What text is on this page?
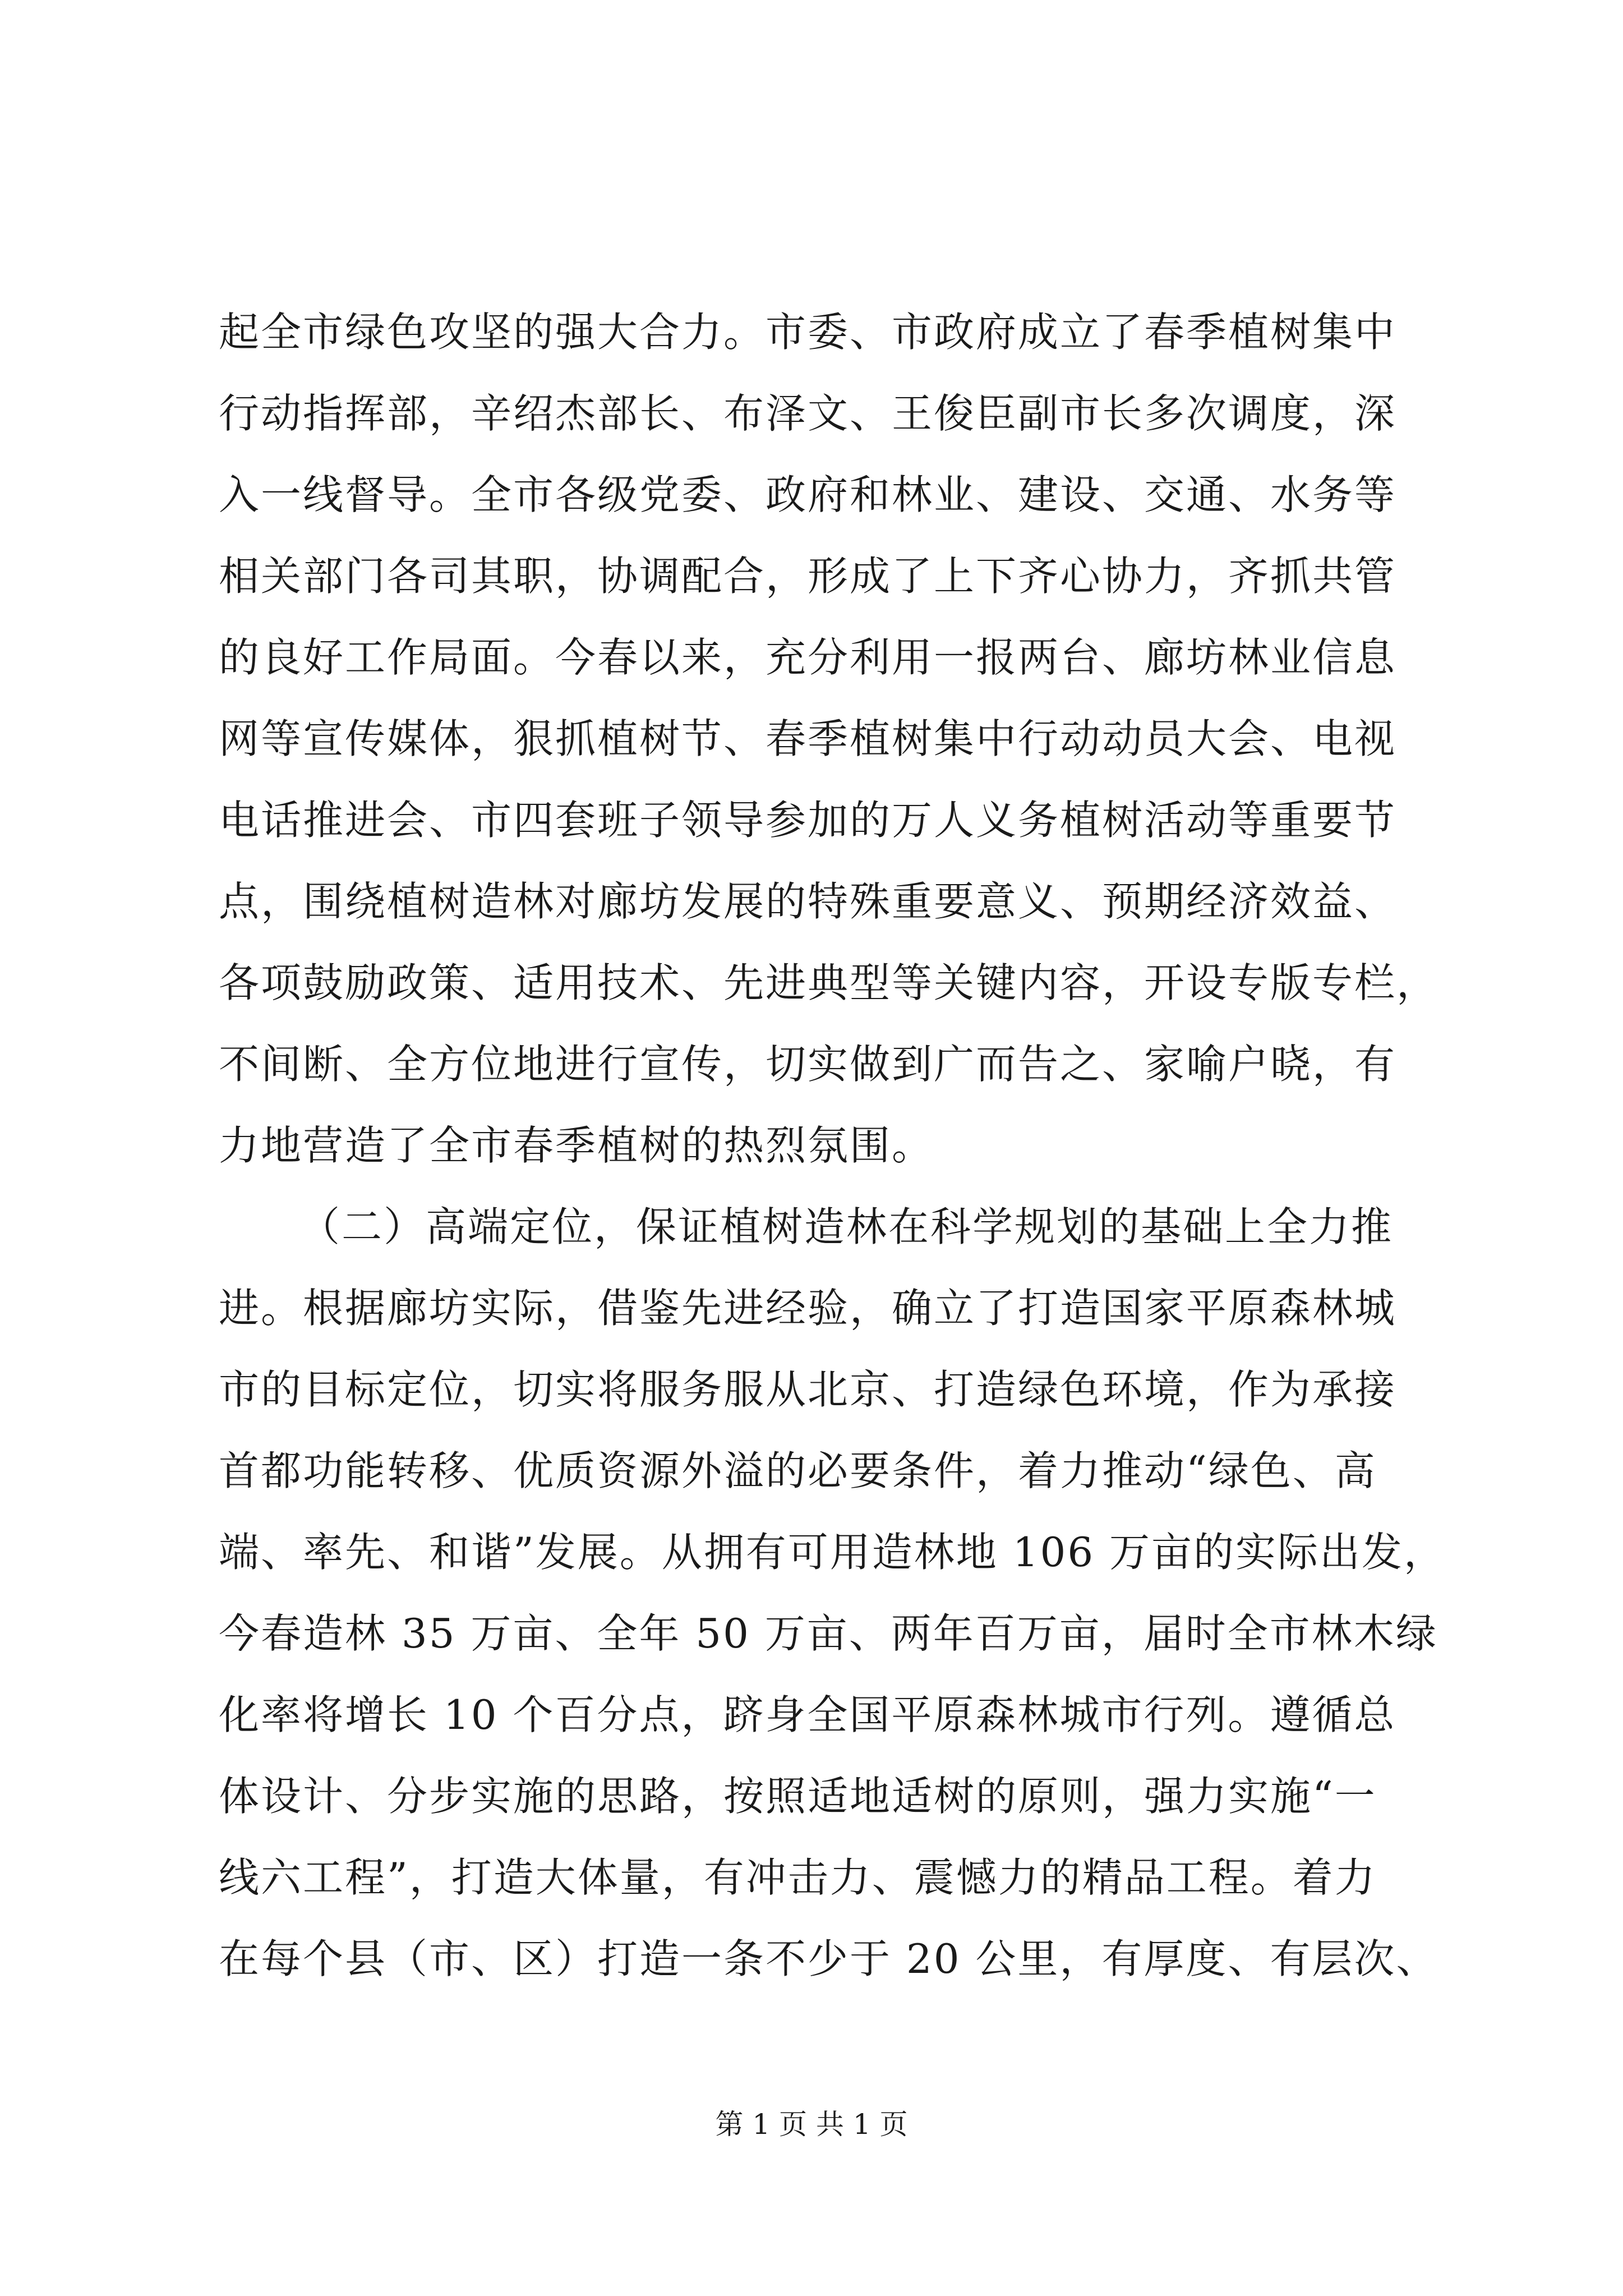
起全市绿色攻坚的强大合力。市委、市政府成立了春季植树集中
行动指挥部，辛绍杰部长、布泽文、王俊臣副市长多次调度，深
入一线督导。全市各级党委、政府和林业、建设、交通、水务等
相关部门各司其职，协调配合，形成了上下齐心协力，齐抓共管
的良好工作局面。今春以来，充分利用一报两台、廊坊林业信息
网等宣传媒体，狠抓植树节、春季植树集中行动动员大会、电视
电话推进会、市四套班子领导参加的万人义务植树活动等重要节
点，围绕植树造林对廊坊发展的特殊重要意义、预期经济效益、
各项鼓励政策、适用技术、先进典型等关键内容，开设专版专栏，
不间断、全方位地进行宣传，切实做到广而告之、家喻户晓，有
力地营造了全市春季植树的热烈氛围。
（二）高端定位，保证植树造林在科学规划的基础上全力推
进。根据廊坊实际，借鉴先进经验，确立了打造国家平原森林城
市的目标定位，切实将服务服从北京、打造绿色环境，作为承接
首都功能转移、优质资源外溢的必要条件，着力推动“绿色、高
端、率先、和谐”发展。从拥有可用造林地 106 万亩的实际出发，
今春造林 35 万亩、全年 50 万亩、两年百万亩，届时全市林木绿
化率将增长 10 个百分点，跻身全国平原森林城市行列。遵循总
体设计、分步实施的思路，按照适地适树的原则，强力实施“一
线六工程”，打造大体量，有冲击力、震憾力的精品工程。着力
在每个县（市、区）打造一条不少于 20 公里，有厚度、有层次、
第 1 页 共 1 页
